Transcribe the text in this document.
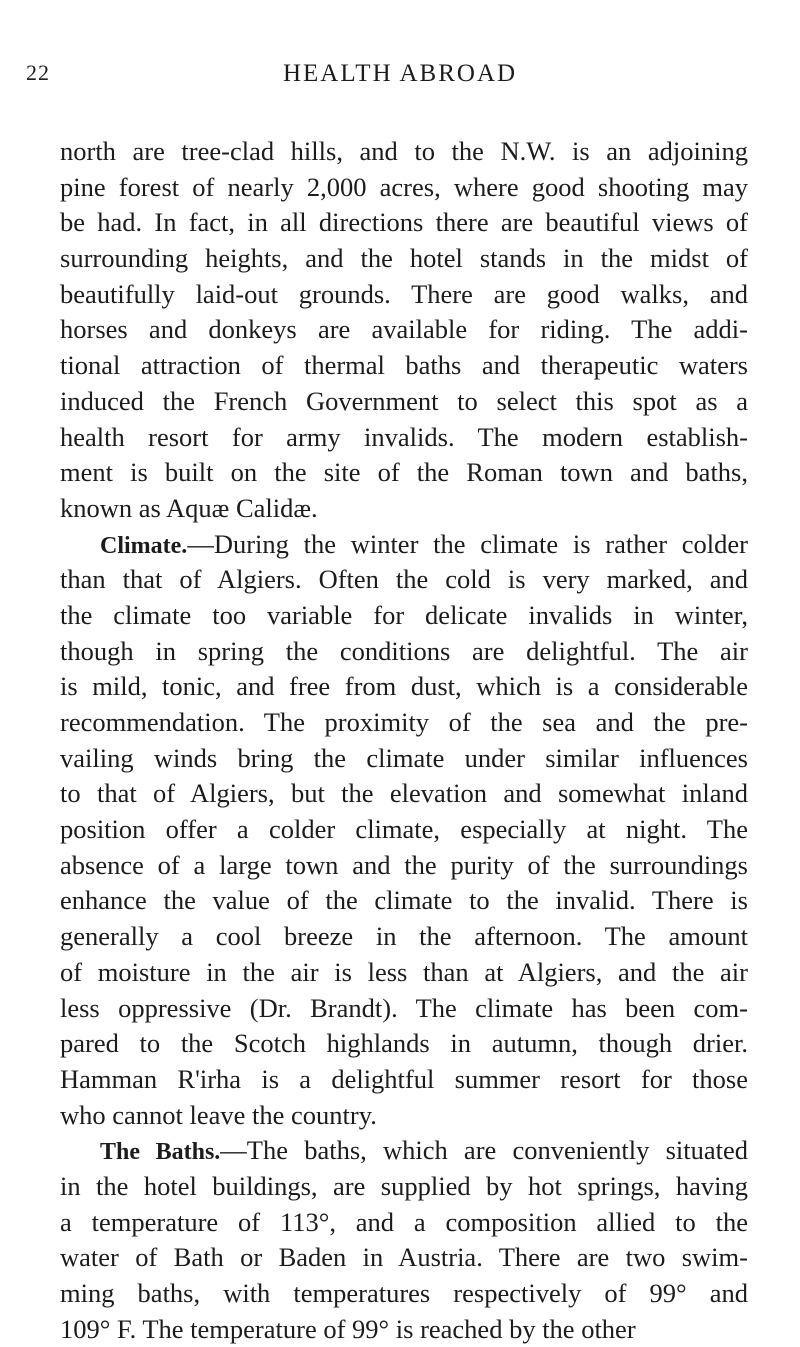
22	HEALTH ABROAD
north are tree-clad hills, and to the N.W. is an adjoining
pine forest of nearly 2,000 acres, where good shooting may
be had. In fact, in all directions there are beautiful views of
surrounding heights, and the hotel stands in the midst of
beautifully laid-out grounds. There are good walks, and
horses and donkeys are available for riding. The addi-
tional attraction of thermal baths and therapeutic waters
induced the French Government to select this spot as a
health resort for army invalids. The modern establish-
ment is built on the site of the Roman town and baths,
known as Aquæ Calidæ.
Climate.—During the winter the climate is rather colder
than that of Algiers. Often the cold is very marked, and
the climate too variable for delicate invalids in winter,
though in spring the conditions are delightful. The air
is mild, tonic, and free from dust, which is a considerable
recommendation. The proximity of the sea and the pre-
vailing winds bring the climate under similar influences
to that of Algiers, but the elevation and somewhat inland
position offer a colder climate, especially at night. The
absence of a large town and the purity of the surroundings
enhance the value of the climate to the invalid. There is
generally a cool breeze in the afternoon. The amount
of moisture in the air is less than at Algiers, and the air
less oppressive (Dr. Brandt). The climate has been com-
pared to the Scotch highlands in autumn, though drier.
Hamman R'irha is a delightful summer resort for those
who cannot leave the country.
The Baths.—The baths, which are conveniently situated
in the hotel buildings, are supplied by hot springs, having
a temperature of 113°, and a composition allied to the
water of Bath or Baden in Austria. There are two swim-
ming baths, with temperatures respectively of 99° and
109° F. The temperature of 99° is reached by the other
